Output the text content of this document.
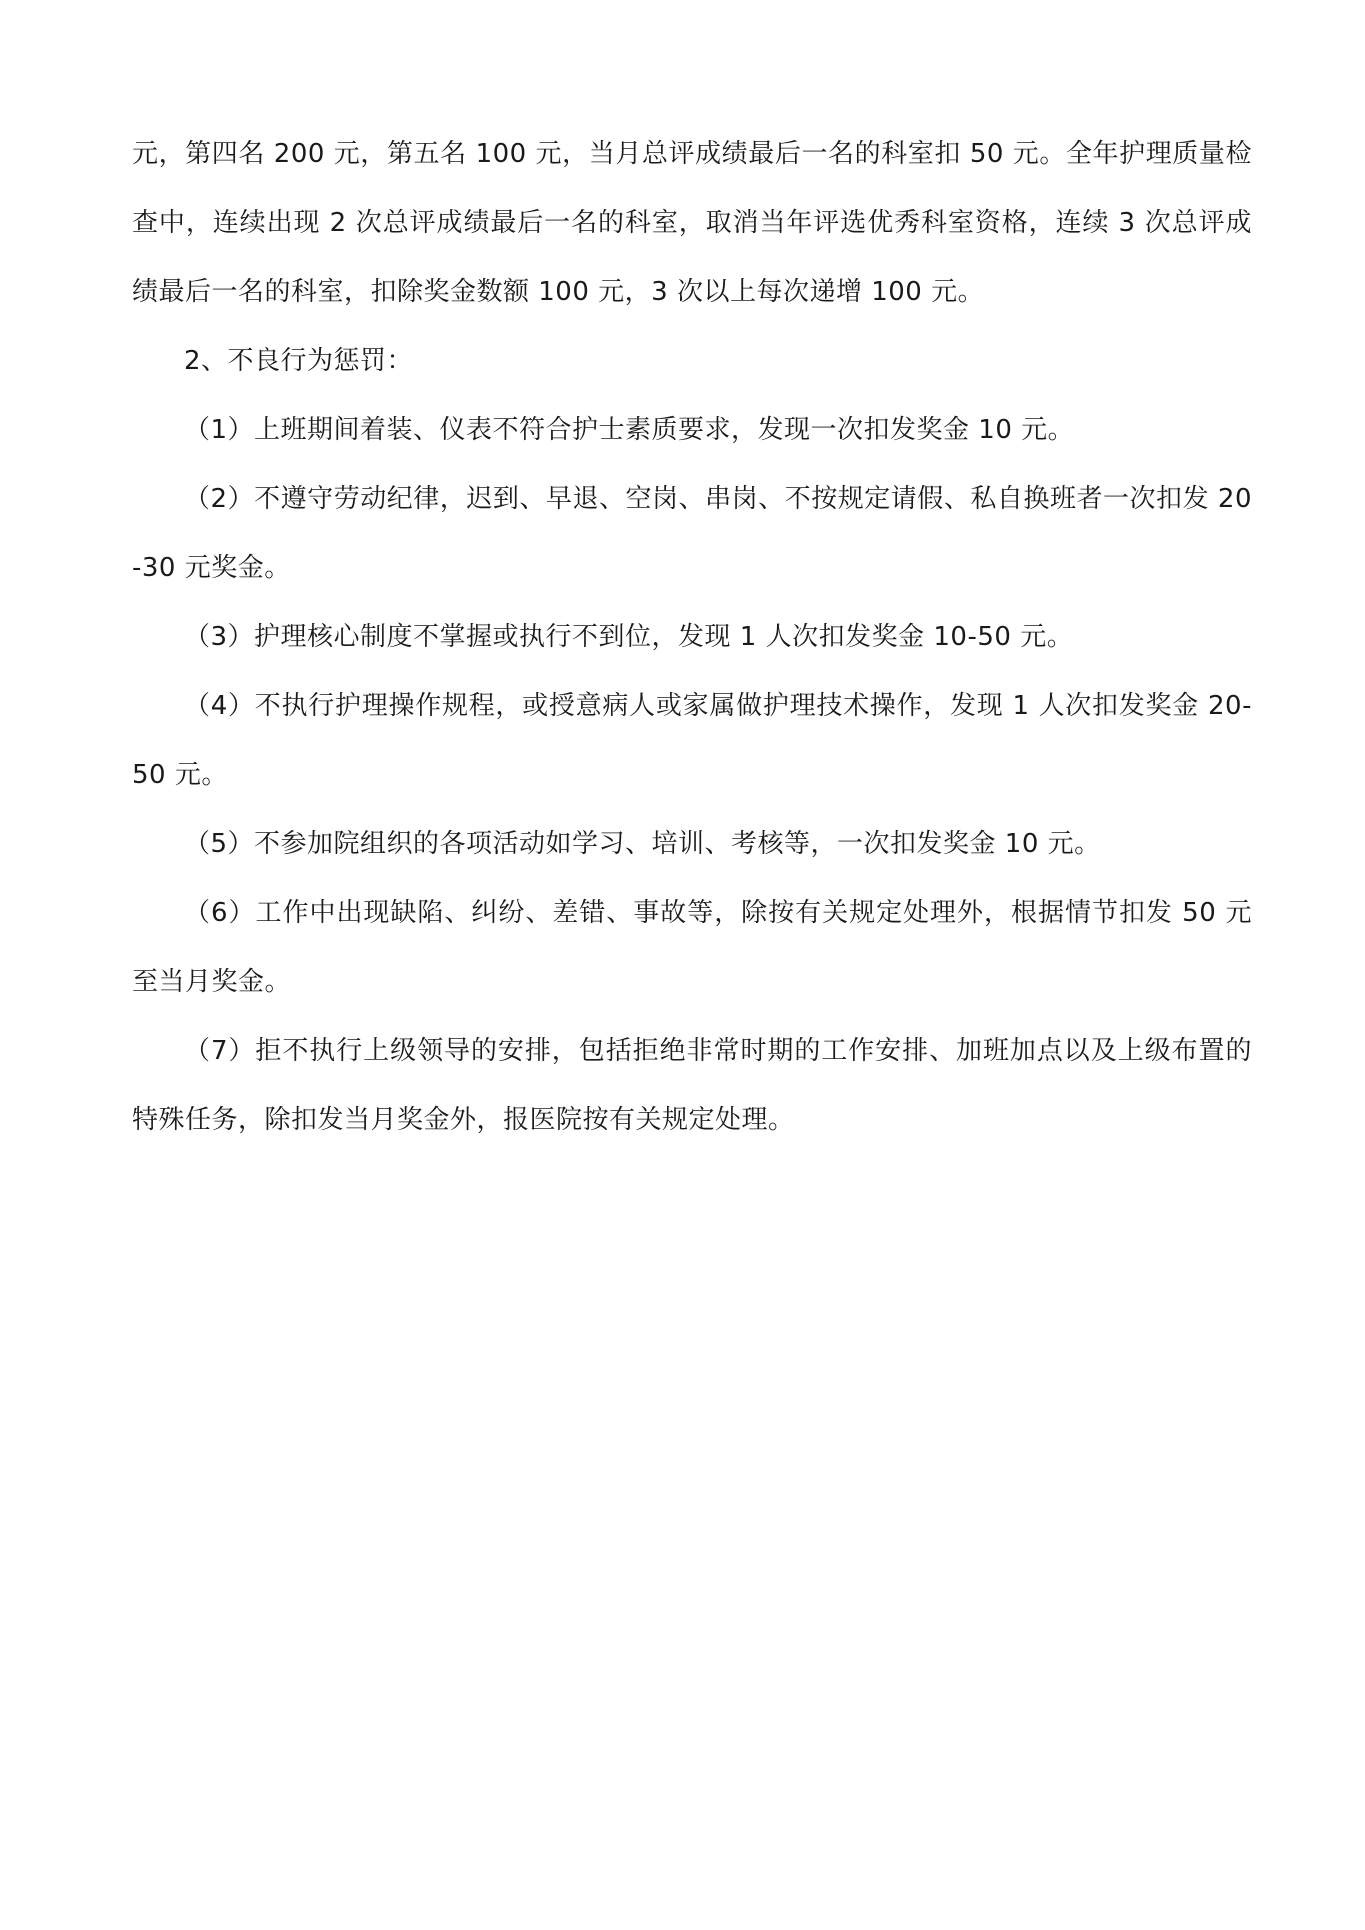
元，第四名 200 元，第五名 100 元，当月总评成绩最后一名的科室扣 50 元。全年护理质量检查中，连续出现 2 次总评成绩最后一名的科室，取消当年评选优秀科室资格，连续 3 次总评成绩最后一名的科室，扣除奖金数额 100 元，3 次以上每次递增 100 元。

2、不良行为惩罚：

（1）上班期间着装、仪表不符合护士素质要求，发现一次扣发奖金 10 元。

（2）不遵守劳动纪律，迟到、早退、空岗、串岗、不按规定请假、私自换班者一次扣发 20-30 元奖金。

（3）护理核心制度不掌握或执行不到位，发现 1 人次扣发奖金 10-50 元。

（4）不执行护理操作规程，或授意病人或家属做护理技术操作，发现 1 人次扣发奖金 20-50 元。

（5）不参加院组织的各项活动如学习、培训、考核等，一次扣发奖金 10 元。

（6）工作中出现缺陷、纠纷、差错、事故等，除按有关规定处理外，根据情节扣发 50 元至当月奖金。

（7）拒不执行上级领导的安排，包括拒绝非常时期的工作安排、加班加点以及上级布置的特殊任务，除扣发当月奖金外，报医院按有关规定处理。
